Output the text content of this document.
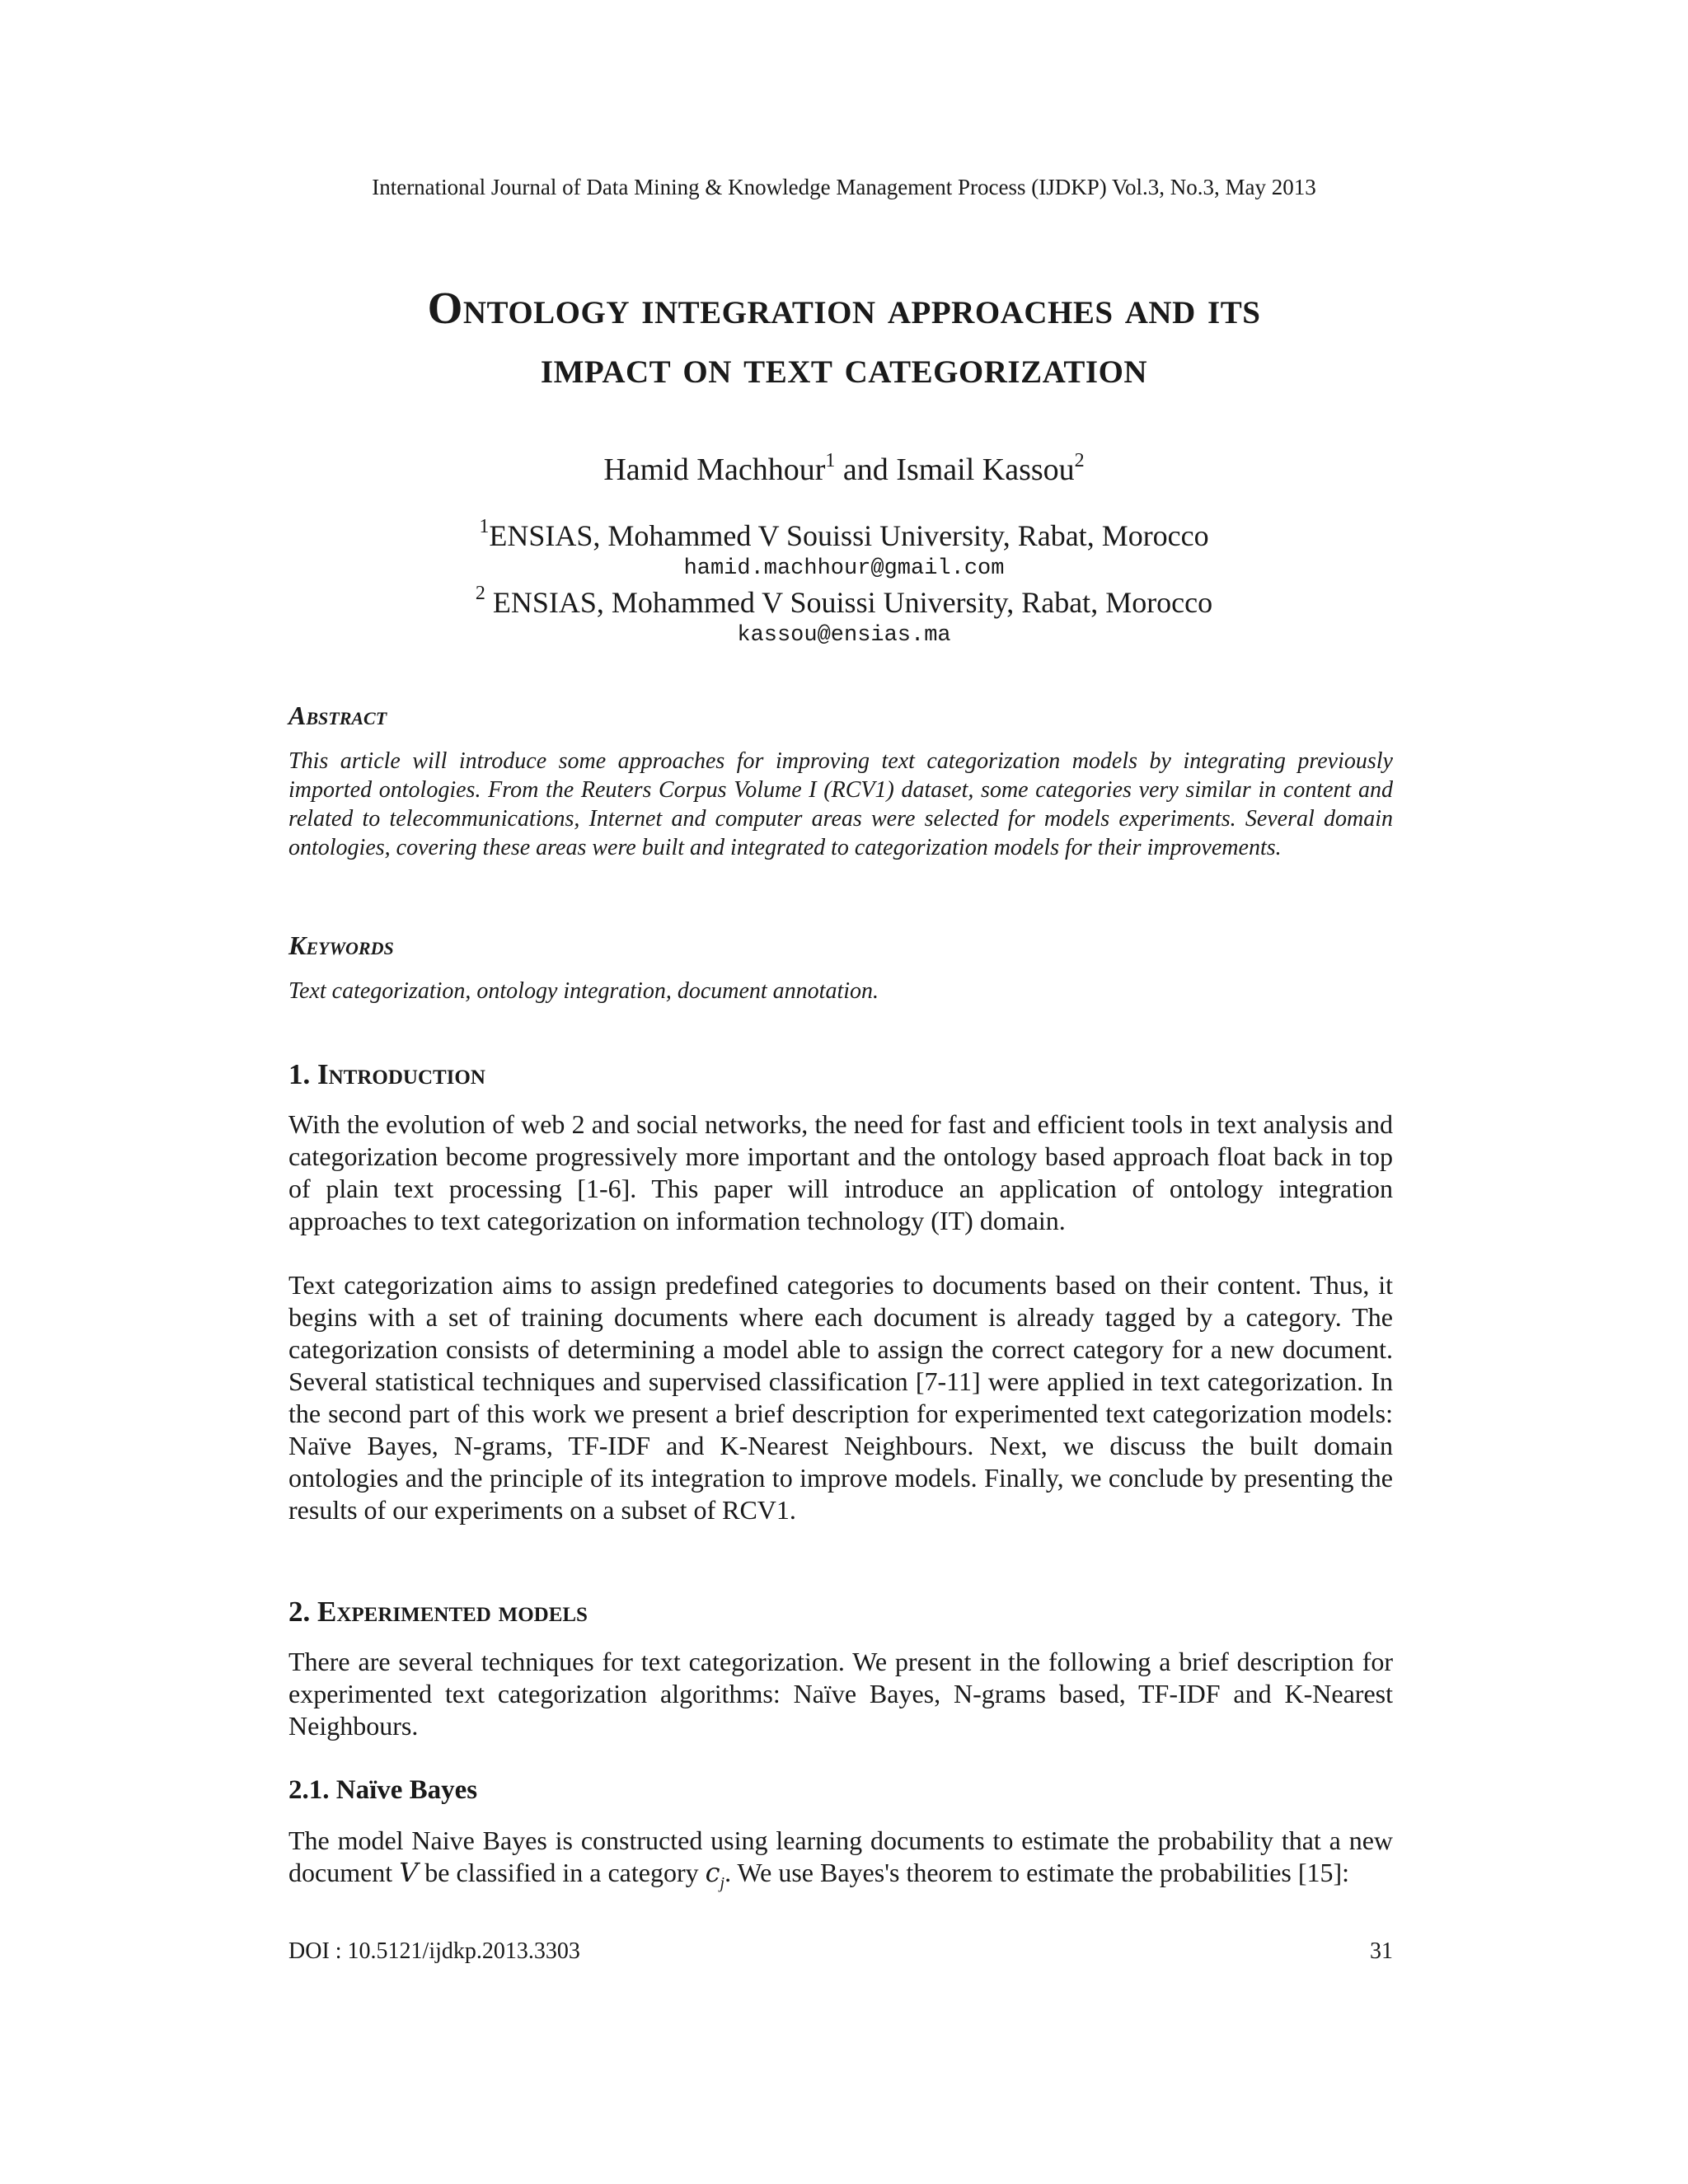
International Journal of Data Mining & Knowledge Management Process (IJDKP) Vol.3, No.3, May 2013
Ontology integration approaches and its
impact on text categorization
Hamid Machhour$^1$ and Ismail Kassou$^2$
$^1$ENSIAS, Mohammed V Souissi University, Rabat, Morocco
hamid.machhour@gmail.com
$^2$ ENSIAS, Mohammed V Souissi University, Rabat, Morocco
kassou@ensias.ma
Abstract
This article will introduce some approaches for improving text categorization models by integrating previously imported ontologies. From the Reuters Corpus Volume I (RCV1) dataset, some categories very similar in content and related to telecommunications, Internet and computer areas were selected for models experiments. Several domain ontologies, covering these areas were built and integrated to categorization models for their improvements.
Keywords
Text categorization, ontology integration, document annotation.
1. Introduction
With the evolution of web 2 and social networks, the need for fast and efficient tools in text analysis and categorization become progressively more important and the ontology based approach float back in top of plain text processing [1-6]. This paper will introduce an application of ontology integration approaches to text categorization on information technology (IT) domain.
Text categorization aims to assign predefined categories to documents based on their content. Thus, it begins with a set of training documents where each document is already tagged by a category. The categorization consists of determining a model able to assign the correct category for a new document. Several statistical techniques and supervised classification [7-11] were applied in text categorization. In the second part of this work we present a brief description for experimented text categorization models: Naïve Bayes, N-grams, TF-IDF and K-Nearest Neighbours. Next, we discuss the built domain ontologies and the principle of its integration to improve models. Finally, we conclude by presenting the results of our experiments on a subset of RCV1.
2. Experimented models
There are several techniques for text categorization. We present in the following a brief description for experimented text categorization algorithms: Naïve Bayes, N-grams based, TF-IDF and K-Nearest Neighbours.
2.1. Naïve Bayes
The model Naive Bayes is constructed using learning documents to estimate the probability that a new document V be classified in a category $c_j$. We use Bayes's theorem to estimate the probabilities [15]:
DOI : 10.5121/ijdkp.2013.3303	31
